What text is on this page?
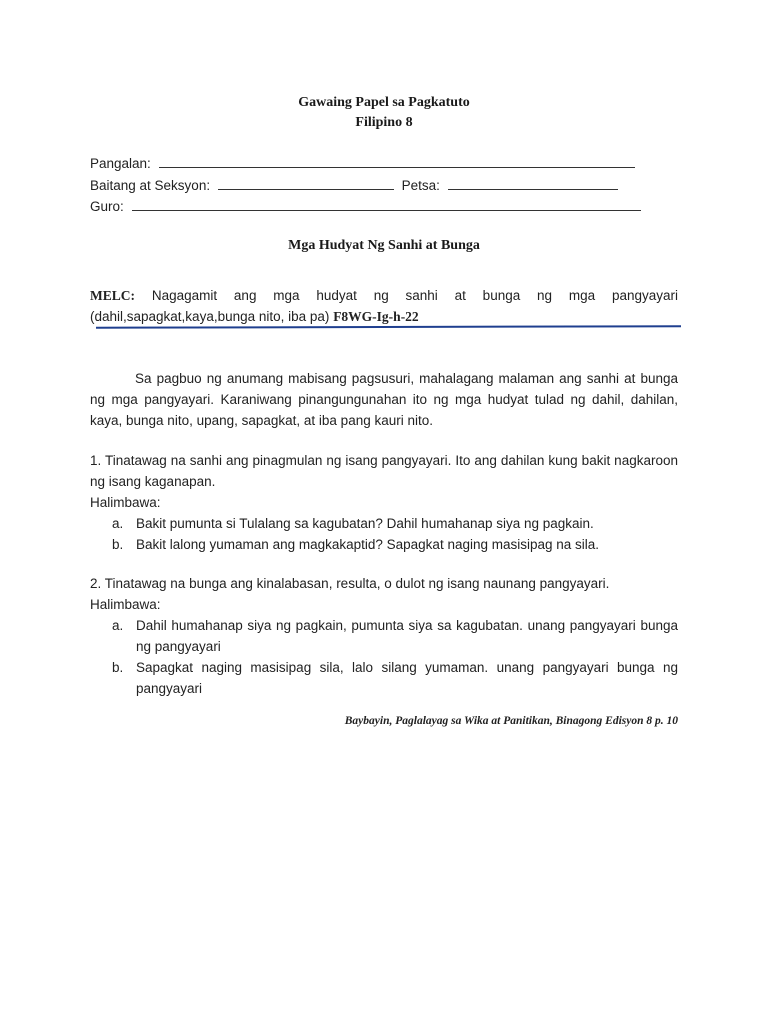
Gawaing Papel sa Pagkatuto
Filipino 8
Pangalan:
Baitang at Seksyon:	Petsa:
Guro:
Mga Hudyat Ng Sanhi at Bunga
MELC: Nagagamit ang mga hudyat ng sanhi at bunga ng mga pangyayari (dahil,sapagkat,kaya,bunga nito, iba pa) F8WG-Ig-h-22
Sa pagbuo ng anumang mabisang pagsusuri, mahalagang malaman ang sanhi at bunga ng mga pangyayari. Karaniwang pinangungunahan ito ng mga hudyat tulad ng dahil, dahilan, kaya, bunga nito, upang, sapagkat, at iba pang kauri nito.
1. Tinatawag na sanhi ang pinagmulan ng isang pangyayari. Ito ang dahilan kung bakit nagkaroon ng isang kaganapan.
Halimbawa:
a. Bakit pumunta si Tulalang sa kagubatan? Dahil humahanap siya ng pagkain.
b. Bakit lalong yumaman ang magkakaptid? Sapagkat naging masisipag na sila.
2. Tinatawag na bunga ang kinalabasan, resulta, o dulot ng isang naunang pangyayari.
Halimbawa:
a. Dahil humahanap siya ng pagkain, pumunta siya sa kagubatan. unang pangyayari bunga ng pangyayari
b. Sapagkat naging masisipag sila, lalo silang yumaman. unang pangyayari bunga ng pangyayari
Baybayin, Paglalayag sa Wika at Panitikan, Binagong Edisyon 8 p. 10
